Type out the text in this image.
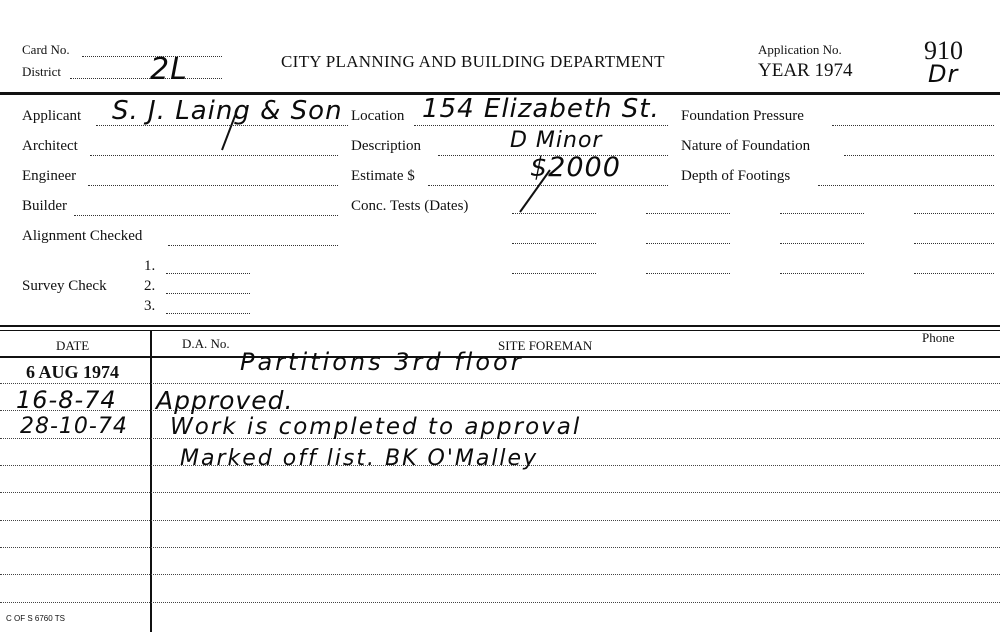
Card No.
District	2L	CITY PLANNING AND BUILDING DEPARTMENT
Application No.
YEAR 1974
910
Dr
Applicant S. J. Laing & Son
Architect
Engineer
Builder
Alignment Checked
Survey Check
1.
2.
3.
Location 154 Elizabeth St.
Description	D Minor
Estimate $	$2000
Conc. Tests (Dates)
Foundation Pressure
Nature of Foundation
Depth of Footings
DATE	D.A. No.	SITE FOREMAN
Phone
6 AUG 1974	Partitions 3rd floor
16-8-74 Approved.
28-10-74 Work is completed to approval
Marked off list. BK O'Malley
C OF S 6760 TS
